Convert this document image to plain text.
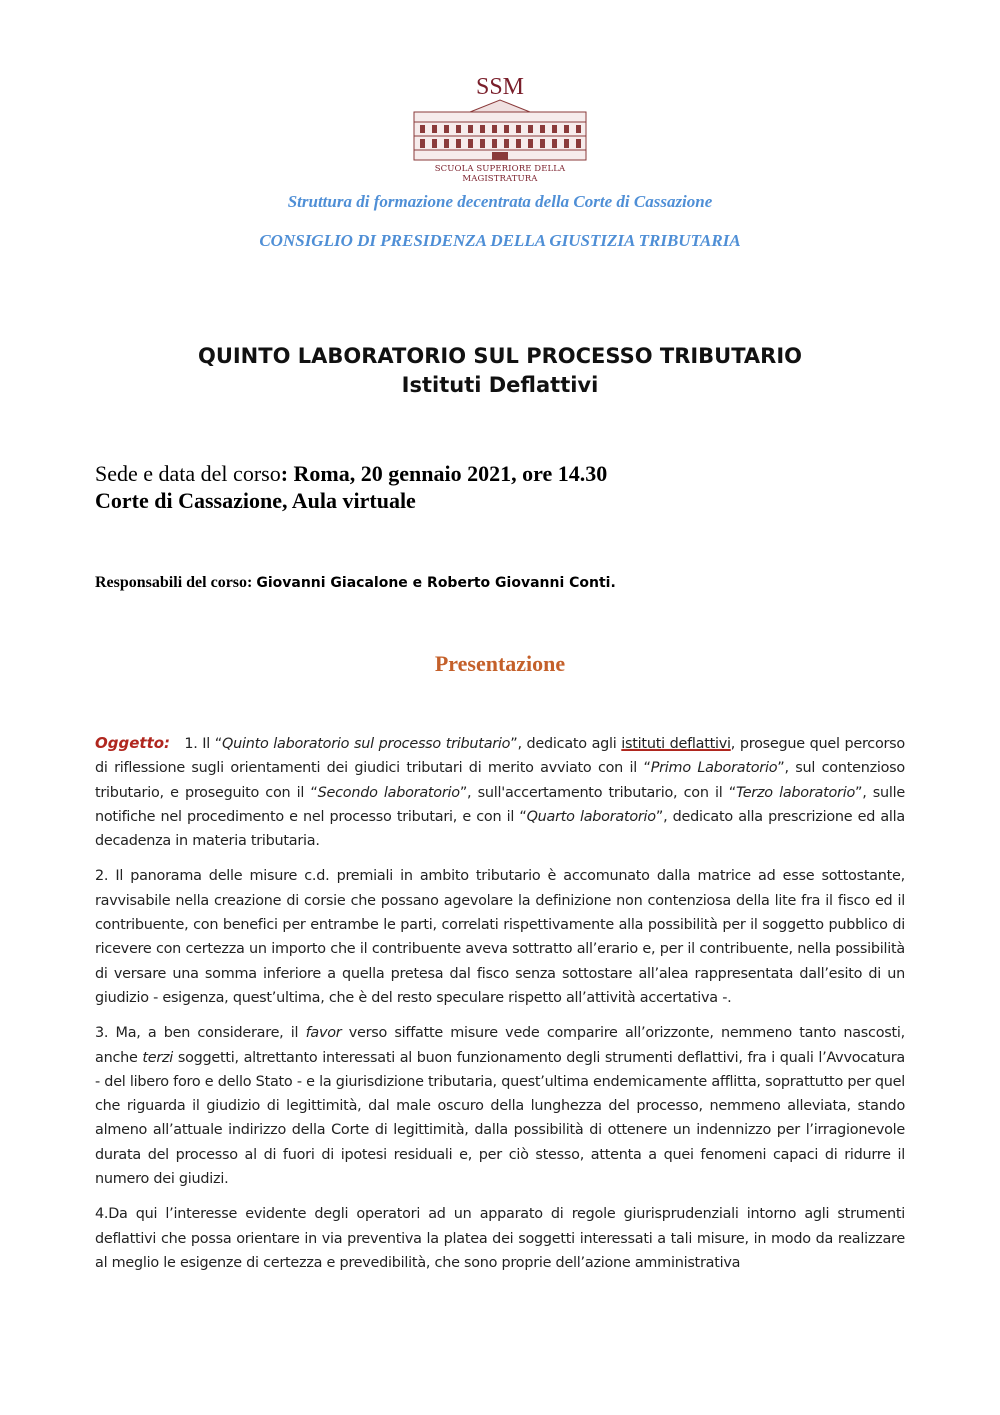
SSM
SCUOLA SUPERIORE DELLA MAGISTRATURA
Struttura di formazione decentrata della Corte di Cassazione
CONSIGLIO DI PRESIDENZA DELLA GIUSTIZIA TRIBUTARIA
QUINTO LABORATORIO SUL PROCESSO TRIBUTARIO
Istituti Deflattivi
Sede e data del corso: Roma, 20 gennaio 2021, ore 14.30
Corte di Cassazione, Aula virtuale
Responsabili del corso: Giovanni Giacalone e Roberto Giovanni Conti.
Presentazione

Oggetto: 1. Il “Quinto laboratorio sul processo tributario”, dedicato agli istituti deflattivi, prosegue quel percorso di riflessione sugli orientamenti dei giudici tributari di merito avviato con il “Primo Laboratorio”, sul contenzioso tributario, e proseguito con il “Secondo laboratorio”, sull'accertamento tributario, con il “Terzo laboratorio”, sulle notifiche nel procedimento e nel processo tributari, e con il “Quarto laboratorio”, dedicato alla prescrizione ed alla decadenza in materia tributaria.

2. Il panorama delle misure c.d. premiali in ambito tributario è accomunato dalla matrice ad esse sottostante, ravvisabile nella creazione di corsie che possano agevolare la definizione non contenziosa della lite fra il fisco ed il contribuente, con benefici per entrambe le parti, correlati rispettivamente alla possibilità per il soggetto pubblico di ricevere con certezza un importo che il contribuente aveva sottratto all’erario e, per il contribuente, nella possibilità di versare una somma inferiore a quella pretesa dal fisco senza sottostare all’alea rappresentata dall’esito di un giudizio - esigenza, quest’ultima, che è del resto speculare rispetto all’attività accertativa -.

3. Ma, a ben considerare, il favor verso siffatte misure vede comparire all’orizzonte, nemmeno tanto nascosti, anche terzi soggetti, altrettanto interessati al buon funzionamento degli strumenti deflattivi, fra i quali l’Avvocatura - del libero foro e dello Stato - e la giurisdizione tributaria, quest’ultima endemicamente afflitta, soprattutto per quel che riguarda il giudizio di legittimità, dal male oscuro della lunghezza del processo, nemmeno alleviata, stando almeno all’attuale indirizzo della Corte di legittimità, dalla possibilità di ottenere un indennizzo per l’irragionevole durata del processo al di fuori di ipotesi residuali e, per ciò stesso, attenta a quei fenomeni capaci di ridurre il numero dei giudizi.

4.Da qui l’interesse evidente degli operatori ad un apparato di regole giurisprudenziali intorno agli strumenti deflattivi che possa orientare in via preventiva la platea dei soggetti interessati a tali misure, in modo da realizzare al meglio le esigenze di certezza e prevedibilità, che sono proprie dell’azione amministrativa
